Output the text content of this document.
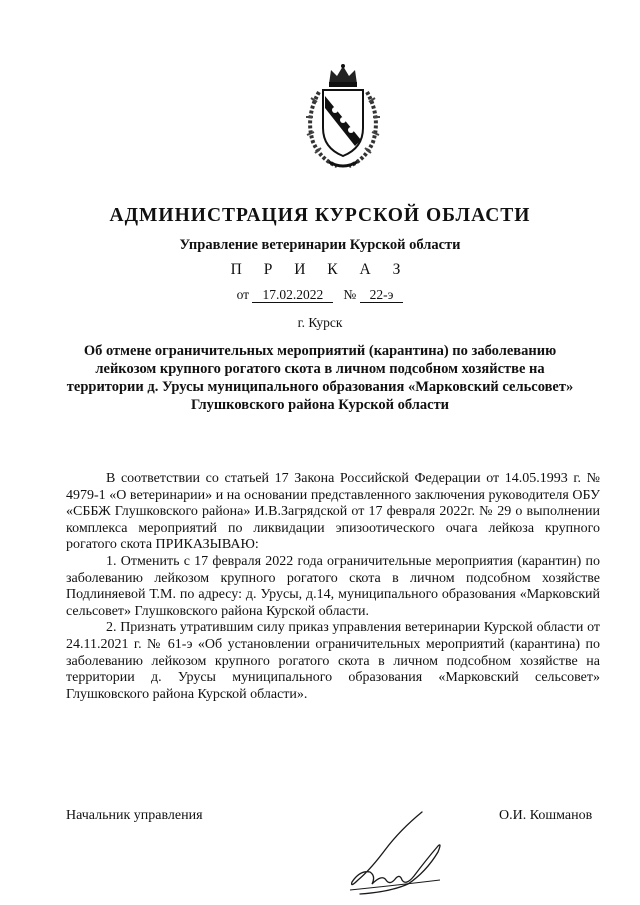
АДМИНИСТРАЦИЯ КУРСКОЙ ОБЛАСТИ
Управление ветеринарии Курской области
П Р И К А З
от 17.02.2022 № 22-э
г. Курск
Об отмене ограничительных мероприятий (карантина) по заболеванию лейкозом крупного рогатого скота в личном подсобном хозяйстве на территории д. Урусы муниципального образования «Марковский сельсовет» Глушковского района Курской области

В соответствии со статьей 17 Закона Российской Федерации от 14.05.1993 г. № 4979-1 «О ветеринарии» и на основании представленного заключения руководителя ОБУ «СББЖ Глушковского района» И.В.Загрядской от 17 февраля 2022г. № 29 о выполнении комплекса мероприятий по ликвидации эпизоотического очага лейкоза крупного рогатого скота ПРИКАЗЫВАЮ:

1. Отменить с 17 февраля 2022 года ограничительные мероприятия (карантин) по заболеванию лейкозом крупного рогатого скота в личном подсобном хозяйстве Подлиняевой Т.М. по адресу: д. Урусы, д.14, муниципального образования «Марковский сельсовет» Глушковского района Курской области.

2. Признать утратившим силу приказ управления ветеринарии Курской области от 24.11.2021 г. № 61-э «Об установлении ограничительных мероприятий (карантина) по заболеванию лейкозом крупного рогатого скота в личном подсобном хозяйстве на территории д. Урусы муниципального образования «Марковский сельсовет» Глушковского района Курской области».

Начальник управления	О.И. Кошманов
